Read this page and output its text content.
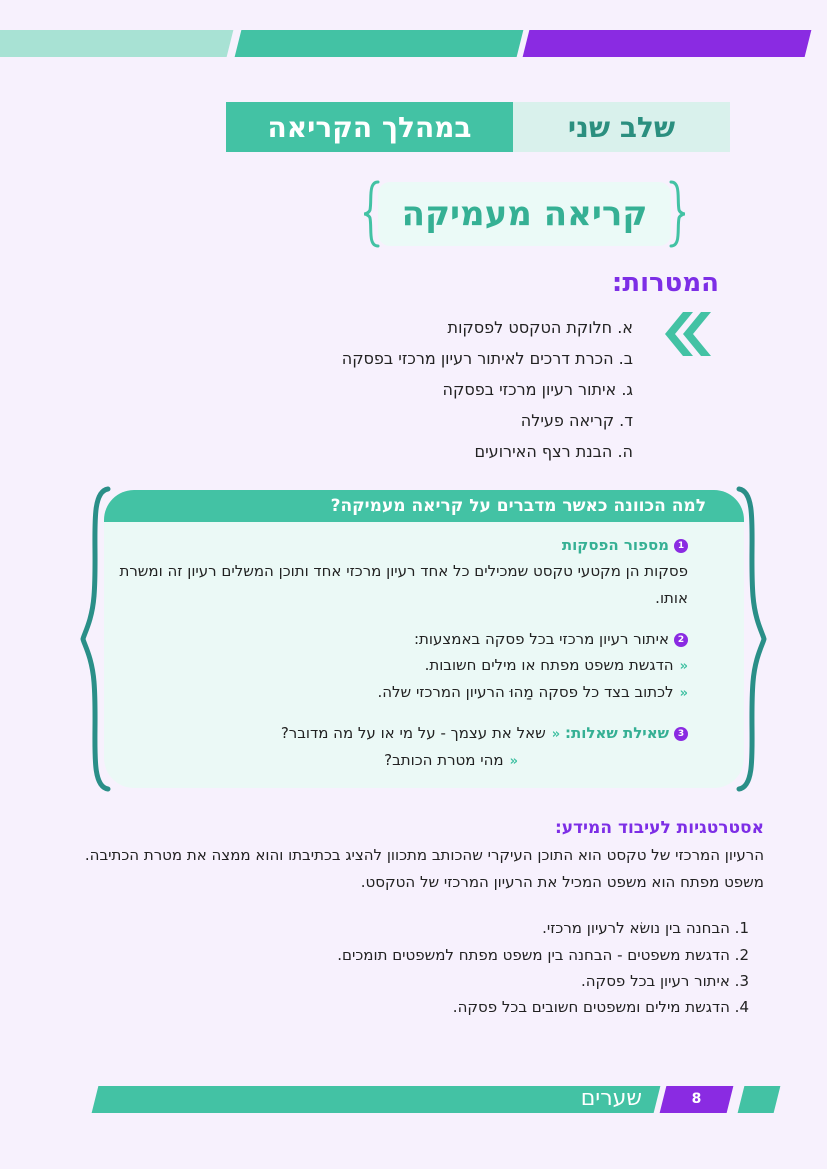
במהלך הקריאה	שלב שני
קריאה מעמיקה
המטרות:
א. חלוקת הטקסט לפסקות
ב. הכרת דרכים לאיתור רעיון מרכזי בפסקה
ג. איתור רעיון מרכזי בפסקה
ד. קריאה פעילה
ה. הבנת רצף האירועים
למה הכוונה כאשר מדברים על קריאה מעמיקה?
1מספור הפסקות
פסקות הן מקטעי טקסט שמכילים כל אחד רעיון מרכזי אחד ותוכן המשלים רעיון זה ומשרת אותו.
2איתור רעיון מרכזי בכל פסקה באמצעות:
«הדגשת משפט מפתח או מילים חשובות.
«לכתוב בצד כל פסקה מַהוּ הרעיון המרכזי שלה.
3שאילת שאלות: «שאל את עצמך - על מי או על מה מדובר?
«מהי מטרת הכותב?
אסטרטגיות לעיבוד המידע:
הרעיון המרכזי של טקסט הוא התוכן העיקרי שהכותב מתכוון להציג בכתיבתו והוא ממצה את מטרת הכתיבה. משפט מפתח הוא משפט המכיל את הרעיון המרכזי של הטקסט.
1. הבחנה בין נושׂא לרעיון מרכזי.
2. הדגשת משפטים - הבחנה בין משפט מפתח למשפטים תומכים.
3. איתור רעיון בכל פסקה.
4. הדגשת מילים ומשפטים חשובים בכל פסקה.
שערים	8
